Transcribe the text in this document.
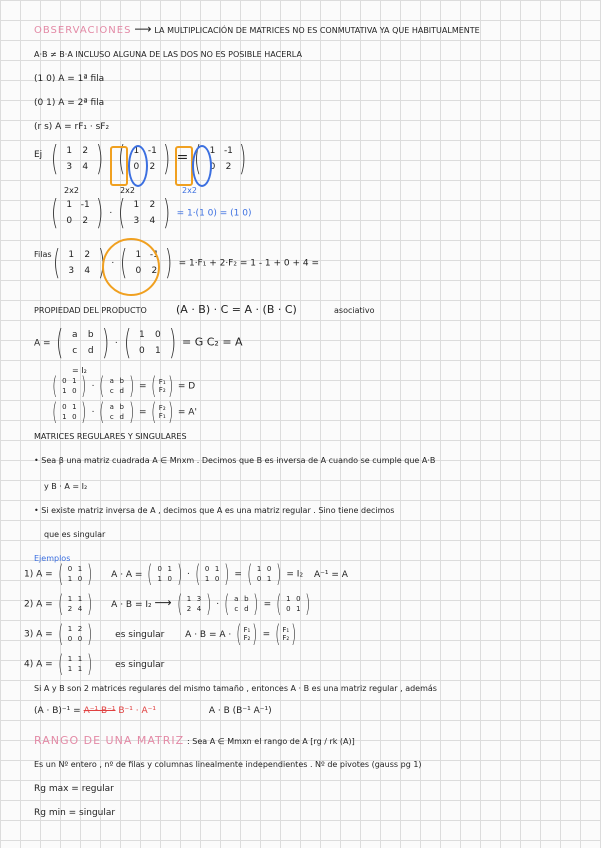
OBSERVACIONES ⟶ LA MULTIPLICACIÓN DE MATRICES NO ES CONMUTATIVA YA QUE HABITUALMENTE
A·B ≠ B·A INCLUSO ALGUNA DE LAS DOS NO ES POSIBLE HACERLA
(1 0) A = 1ª fila
(0 1) A = 2ª fila
(r s) A = rF₁ · sF₂
Ej ( 1	2
3	4 ) · ( 1 -1
0	2 ) = ( 1 -1
0	2 )
2x2	2x2	2x2
( 1 -1
0	2 ) · ( 1	2
3	4 ) = 1·(1 0) = (1 0)
Filas ( 1	2
3	4 ) · ( 1 -1
0	2 ) = 1·F₁ + 2·F₂ = 1 - 1 + 0 + 4 =
PROPIEDAD DEL PRODUCTO	(A · B) · C = A · (B · C)	asociativo
A = ( a	b
c	d ) · ( 1	0
0	1 ) = G C₂ = A
= I₂
( 0 1
1 0 ) · ( a b
c d ) = ( F₁
F₂ ) = D
( 0 1
1 0 ) · ( a b
c d ) = ( F₂
F₁ ) = A'
MATRICES REGULARES Y SINGULARES
• Sea β una matriz cuadrada A ∈ Mnxm . Decimos que B es inversa de A cuando se cumple que A·B
y B · A = I₂
• Si existe matriz inversa de A , decimos que A es una matriz regular . Sino tiene decimos
que es singular
Ejemplos
1) A = ( 0 1
1 0 ) A · A = ( 0 1
1 0 ) · ( 0 1
1 0 ) = ( 1 0
0 1 ) = I₂ A⁻¹ = A
2) A = ( 1 1
2 4 ) A · B = I₂ ⟶ ( 1 3
2 4 ) · ( a b
c d ) = ( 1 0
0 1 )
3) A = ( 1 2
0 0 )	es singular A · B = A · ( F₁
F₂ ) = ( F₁
F₂ )
4) A = ( 1 1
1 1 )	es singular
Si A y B son 2 matrices regulares del mismo tamaño , entonces A · B es una matriz regular , además
(A · B)⁻¹ = A⁻¹ B⁻¹ B⁻¹ · A⁻¹	A · B (B⁻¹ A⁻¹)
RANGO DE UNA MATRIZ : Sea A ∈ Mmxn el rango de A [rg / rk (A)]
Es un Nº entero , nº de filas y columnas linealmente independientes . Nº de pivotes (gauss pg 1)
Rg max = regular
Rg min = singular
